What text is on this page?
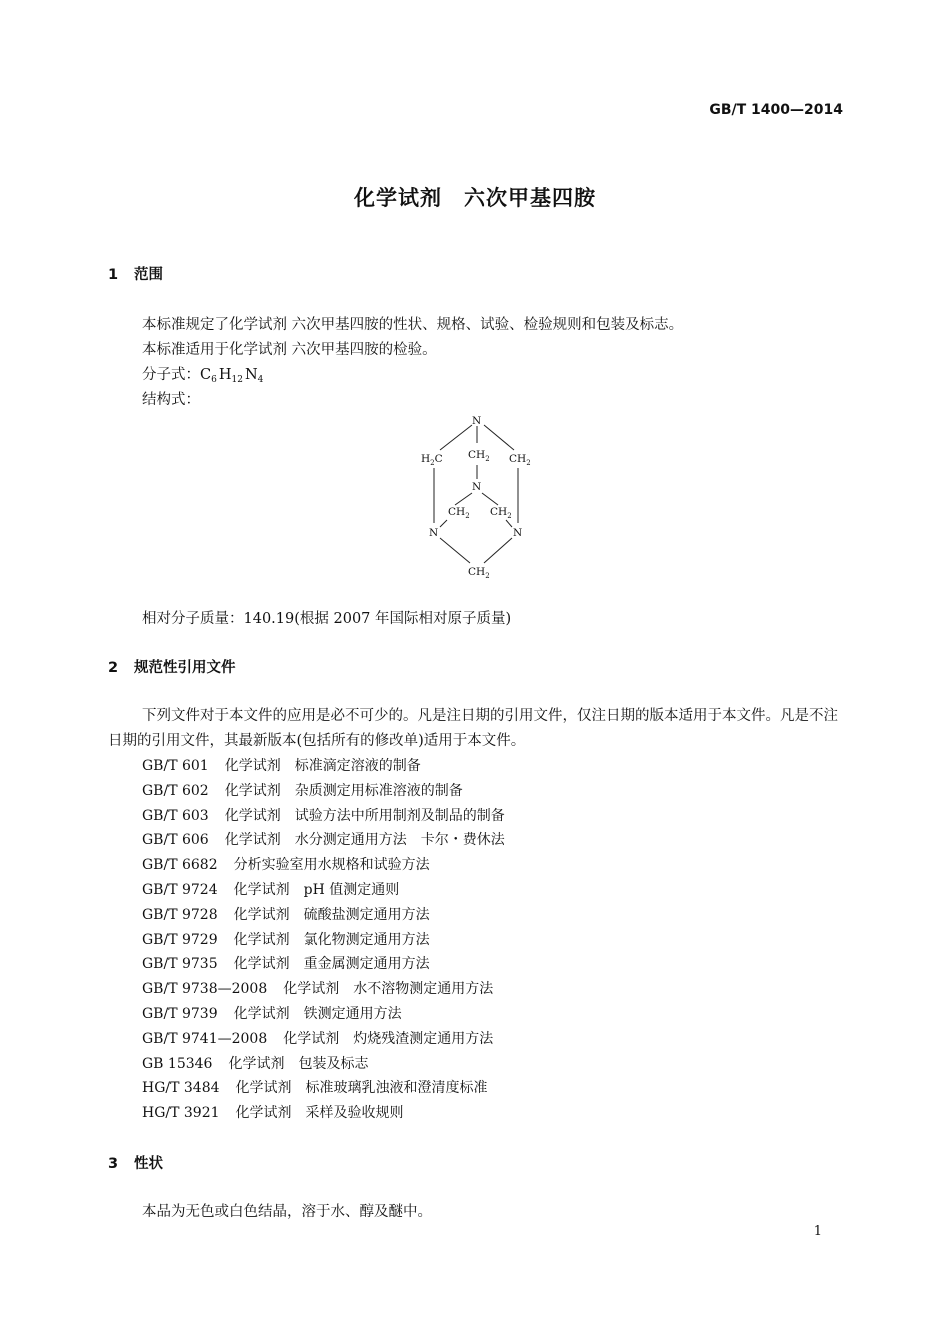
GB/T 1400—2014
化学试剂　六次甲基四胺
1 范围
本标准规定了化学试剂 六次甲基四胺的性状、规格、试验、检验规则和包装及标志。
本标准适用于化学试剂 六次甲基四胺的检验。
分子式：$C_6$ $H_{12}$ $N_4$
结构式：
N
$H_2C$ $CH_2$ $CH_2$
N
$CH_2$ $CH_2$
N	N
$CH_2$
相对分子质量：140.19(根据 2007 年国际相对原子质量)
2 规范性引用文件
下列文件对于本文件的应用是必不可少的。凡是注日期的引用文件，仅注日期的版本适用于本文件。凡是不注日期的引用文件，其最新版本(包括所有的修改单)适用于本文件。
GB/T 601 化学试剂　标准滴定溶液的制备
GB/T 602 化学试剂　杂质测定用标准溶液的制备
GB/T 603 化学试剂　试验方法中所用制剂及制品的制备
GB/T 606 化学试剂　水分测定通用方法　卡尔・费休法
GB/T 6682 分析实验室用水规格和试验方法
GB/T 9724 化学试剂　pH 值测定通则
GB/T 9728 化学试剂　硫酸盐测定通用方法
GB/T 9729 化学试剂　氯化物测定通用方法
GB/T 9735 化学试剂　重金属测定通用方法
GB/T 9738—2008 化学试剂　水不溶物测定通用方法
GB/T 9739 化学试剂　铁测定通用方法
GB/T 9741—2008 化学试剂　灼烧残渣测定通用方法
GB 15346 化学试剂　包装及标志
HG/T 3484 化学试剂　标准玻璃乳浊液和澄清度标准
HG/T 3921 化学试剂　采样及验收规则
3 性状
本品为无色或白色结晶，溶于水、醇及醚中。
1
